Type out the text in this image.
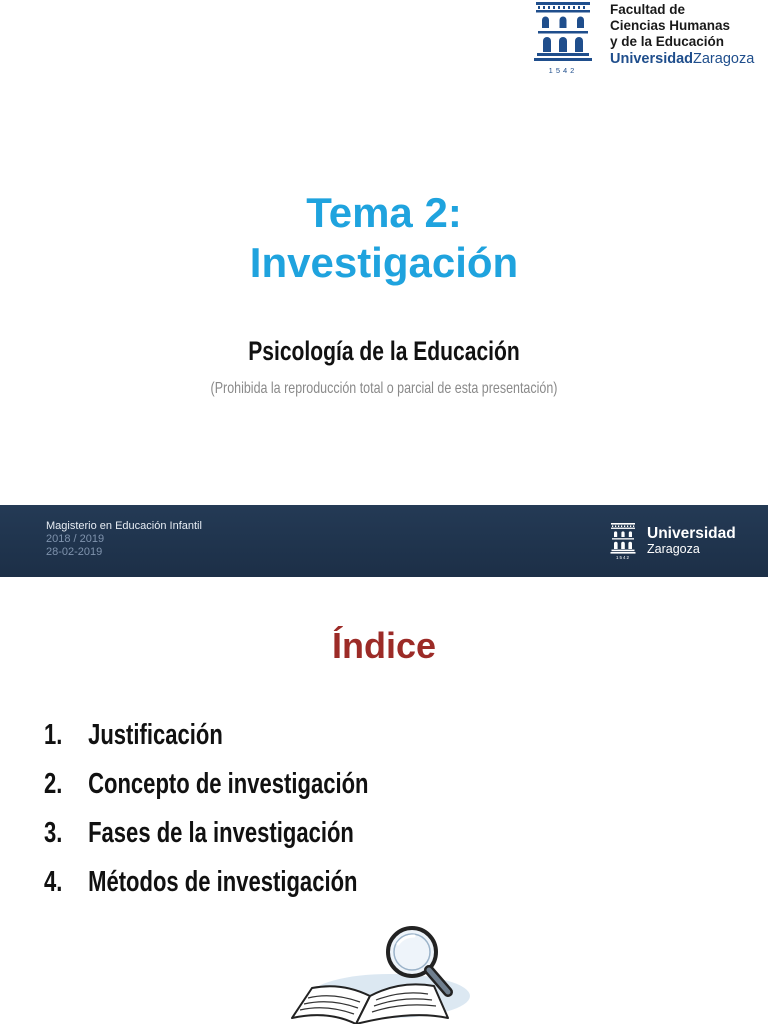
Facultad de
Ciencias Humanas
y de la Educación
UniversidadZaragoza
1542
Tema 2:
Investigación
Psicología de la Educación
(Prohibida la reproducción total o parcial de esta presentación)
Magisterio en Educación Infantil
2018 / 2019
28-02-2019	1542
Universidad
Zaragoza
Índice
1. Justificación
2. Concepto de investigación
3. Fases de la investigación
4. Métodos de investigación
